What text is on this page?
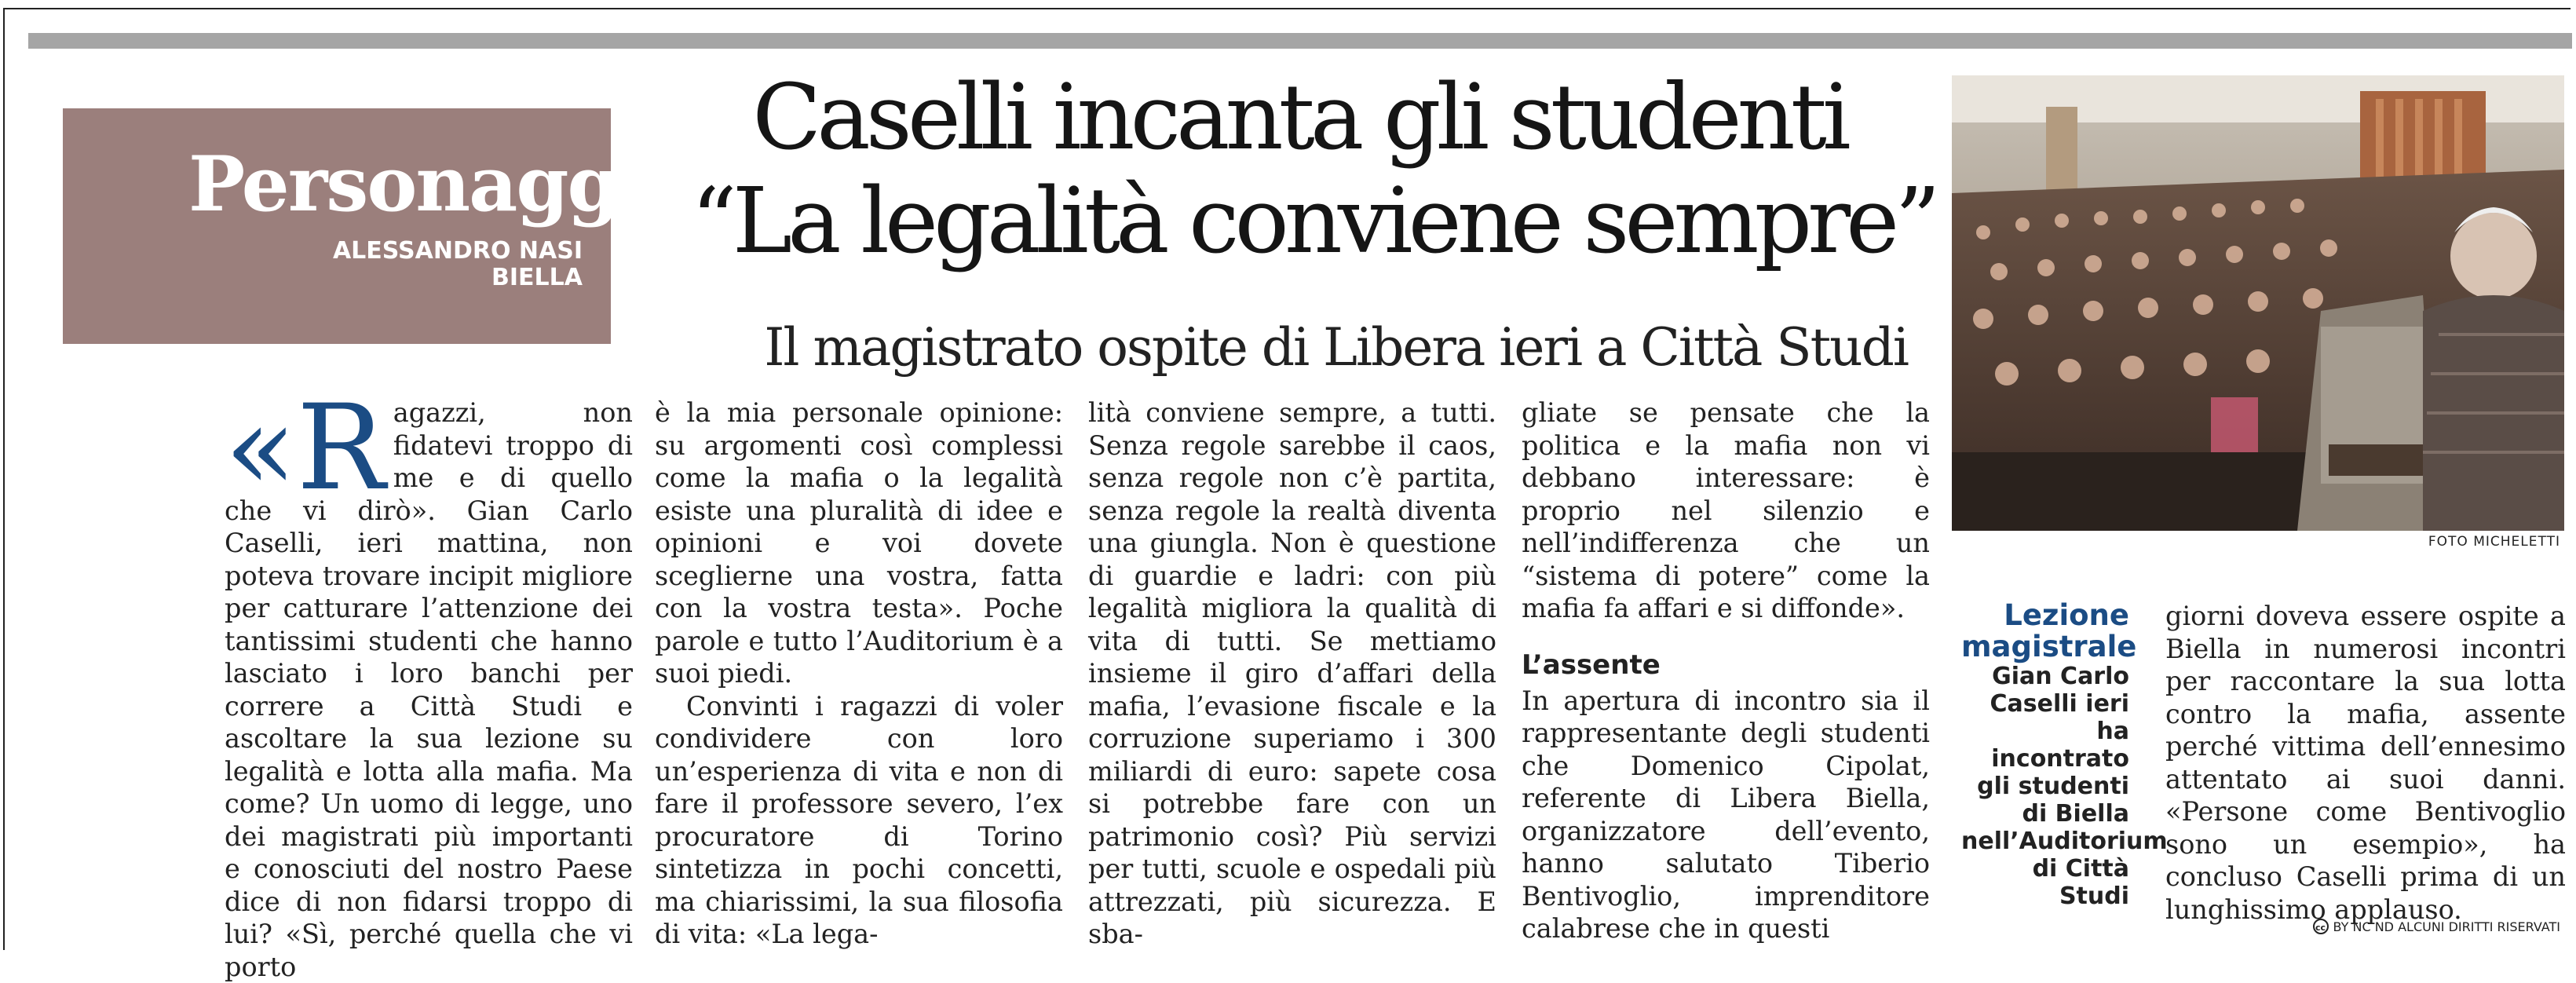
Personaggio
ALESSANDRO NASI
BIELLA
Caselli incanta gli studenti
“La legalità conviene sempre”
Il magistrato ospite di Libera ieri a Città Studi

«R agazzi, non fidatevi troppo di me e di quello che vi dirò». Gian Carlo Caselli, ieri mattina, non poteva trovare incipit migliore per catturare l’attenzione dei tantissimi studenti che hanno lasciato i loro banchi per correre a Città Studi e ascoltare la sua lezione su legalità e lotta alla mafia. Ma come? Un uomo di legge, uno dei magistrati più importanti e conosciuti del nostro Paese dice di non fidarsi troppo di lui? «Sì, perché quella che vi porto

è la mia personale opinione: su argomenti così complessi come la mafia o la legalità esiste una pluralità di idee e opinioni e voi dovete sceglierne una vostra, fatta con la vostra testa». Poche parole e tutto l’Auditorium è a suoi piedi.

Convinti i ragazzi di voler condividere con loro un’esperienza di vita e non di fare il professore severo, l’ex procuratore di Torino sintetizza in pochi concetti, ma chiarissimi, la sua filosofia di vita: «La lega-

lità conviene sempre, a tutti. Senza regole sarebbe il caos, senza regole non c’è partita, senza regole la realtà diventa una giungla. Non è questione di guardie e ladri: con più legalità migliora la qualità di vita di tutti. Se mettiamo insieme il giro d’affari della mafia, l’evasione fiscale e la corruzione superiamo i 300 miliardi di euro: sapete cosa si potrebbe fare con un patrimonio così? Più servizi per tutti, scuole e ospedali più attrezzati, più sicurezza. E sba-

gliate se pensate che la politica e la mafia non vi debbano interessare: è proprio nel silenzio e nell’indifferenza che un “sistema di potere” come la mafia fa affari e si diffonde».

L’assente

In apertura di incontro sia il rappresentante degli studenti che Domenico Cipolat, referente di Libera Biella, organizzatore dell’evento, hanno salutato Tiberio Bentivoglio, imprenditore calabrese che in questi

FOTO MICHELETTI
Lezione magistrale
Gian Carlo Caselli ieri ha incontrato gli studenti di Biella nell’Auditorium di Città Studi

giorni doveva essere ospite a Biella in numerosi incontri per raccontare la sua lotta contro la mafia, assente perché vittima dell’ennesimo attentato ai suoi danni. «Persone come Bentivoglio sono un esempio», ha concluso Caselli prima di un lunghissimo applauso.

cc BY NC ND ALCUNI DIRITTI RISERVATI
